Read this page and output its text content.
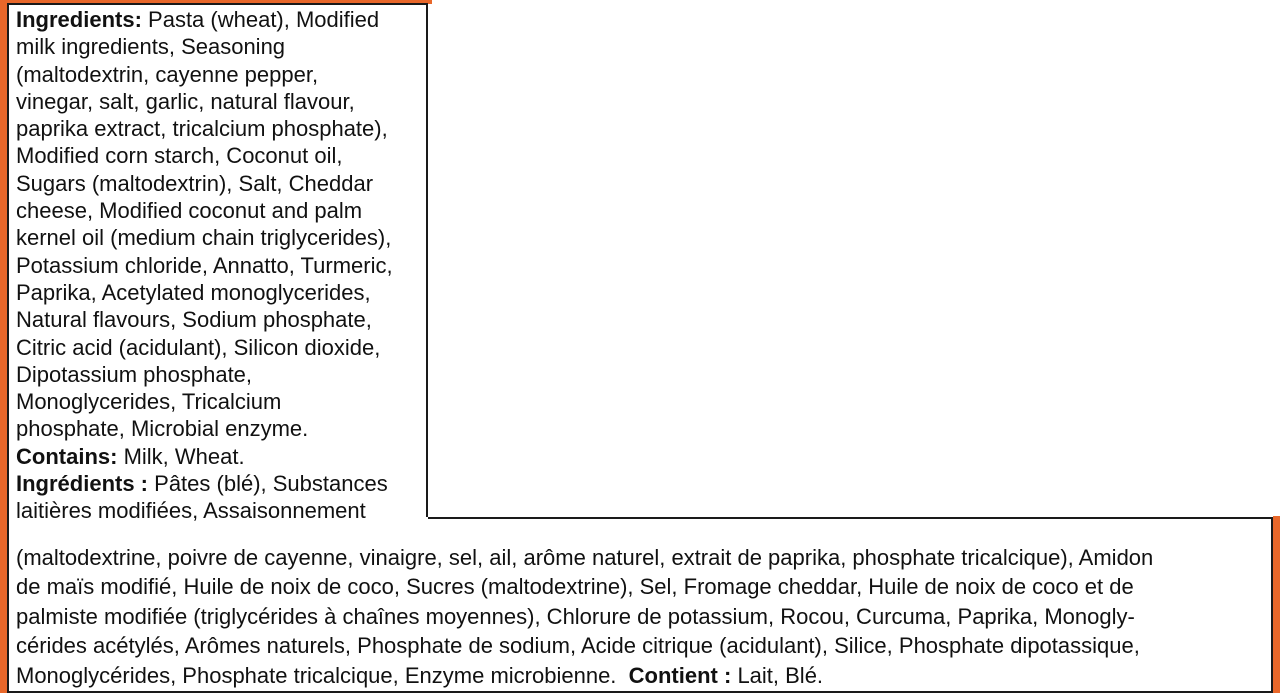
Ingredients: Pasta (wheat), Modified
milk ingredients, Seasoning
(maltodextrin, cayenne pepper,
vinegar, salt, garlic, natural flavour,
paprika extract, tricalcium phosphate),
Modified corn starch, Coconut oil,
Sugars (maltodextrin), Salt, Cheddar
cheese, Modified coconut and palm
kernel oil (medium chain triglycerides),
Potassium chloride, Annatto, Turmeric,
Paprika, Acetylated monoglycerides,
Natural flavours, Sodium phosphate,
Citric acid (acidulant), Silicon dioxide,
Dipotassium phosphate,
Monoglycerides, Tricalcium
phosphate, Microbial enzyme.
Contains: Milk, Wheat.
Ingrédients : Pâtes (blé), Substances
laitières modifiées, Assaisonnement
(maltodextrine, poivre de cayenne, vinaigre, sel, ail, arôme naturel, extrait de paprika, phosphate tricalcique), Amidon
de maïs modifié, Huile de noix de coco, Sucres (maltodextrine), Sel, Fromage cheddar, Huile de noix de coco et de
palmiste modifiée (triglycérides à chaînes moyennes), Chlorure de potassium, Rocou, Curcuma, Paprika, Monogly-
cérides acétylés, Arômes naturels, Phosphate de sodium, Acide citrique (acidulant), Silice, Phosphate dipotassique,
Monoglycérides, Phosphate tricalcique, Enzyme microbienne. Contient : Lait, Blé.
